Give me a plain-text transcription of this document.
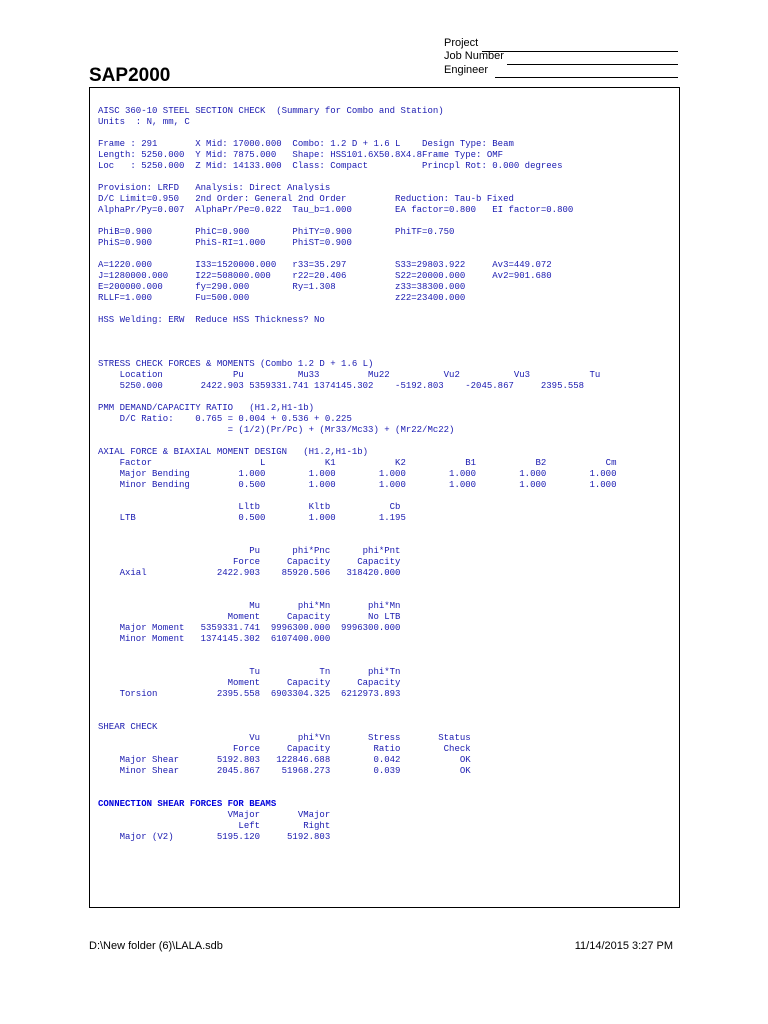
Project
Job Number
Engineer
SAP2000
AISC 360-10 STEEL SECTION CHECK  (Summary for Combo and Station)
Units  : N, mm, C
Frame : 291       X Mid: 17000.000  Combo: 1.2 D + 1.6 L    Design Type: Beam
Length: 5250.000  Y Mid: 7875.000   Shape: HSS101.6X50.8X4.8Frame Type: OMF
Loc   : 5250.000  Z Mid: 14133.000  Class: Compact          Princpl Rot: 0.000 degrees
Provision: LRFD   Analysis: Direct Analysis
D/C Limit=0.950   2nd Order: General 2nd Order         Reduction: Tau-b Fixed
AlphaPr/Py=0.007  AlphaPr/Pe=0.022  Tau_b=1.000        EA factor=0.800   EI factor=0.800
PhiB=0.900        PhiC=0.900        PhiTY=0.900        PhiTF=0.750
PhiS=0.900        PhiS-RI=1.000     PhiST=0.900
A=1220.000        I33=1520000.000   r33=35.297         S33=29803.922     Av3=449.072
J=1280000.000     I22=508000.000    r22=20.406         S22=20000.000     Av2=901.680
E=200000.000      fy=290.000        Ry=1.308           z33=38300.000
RLLF=1.000        Fu=500.000                           z22=23400.000
HSS Welding: ERW  Reduce HSS Thickness? No
STRESS CHECK FORCES & MOMENTS (Combo 1.2 D + 1.6 L)
Location             Pu          Mu33         Mu22          Vu2          Vu3           Tu
5250.000       2422.903 5359331.741 1374145.302    -5192.803    -2045.867     2395.558
PMM DEMAND/CAPACITY RATIO   (H1.2,H1-1b)
D/C Ratio:    0.765 = 0.004 + 0.536 + 0.225
= (1/2)(Pr/Pc) + (Mr33/Mc33) + (Mr22/Mc22)
AXIAL FORCE & BIAXIAL MOMENT DESIGN   (H1.2,H1-1b)
Factor                    L           K1           K2           B1           B2           Cm
Major Bending         1.000        1.000        1.000        1.000        1.000        1.000
Minor Bending         0.500        1.000        1.000        1.000        1.000        1.000
Lltb         Kltb           Cb
LTB                   0.500        1.000        1.195
Pu      phi*Pnc      phi*Pnt
Force     Capacity     Capacity
Axial             2422.903    85920.506   318420.000
Mu       phi*Mn       phi*Mn
Moment     Capacity       No LTB
Major Moment   5359331.741  9996300.000  9996300.000
Minor Moment   1374145.302  6107400.000
Tu           Tn       phi*Tn
Moment     Capacity     Capacity
Torsion           2395.558  6903304.325  6212973.893
SHEAR CHECK
Vu       phi*Vn       Stress       Status
Force     Capacity        Ratio        Check
Major Shear       5192.803   122846.688        0.042           OK
Minor Shear       2045.867    51968.273        0.039           OK
CONNECTION SHEAR FORCES FOR BEAMS
VMajor       VMajor
Left        Right
Major (V2)        5195.120     5192.803
D:\New folder (6)\LALA.sdb	11/14/2015 3:27 PM
